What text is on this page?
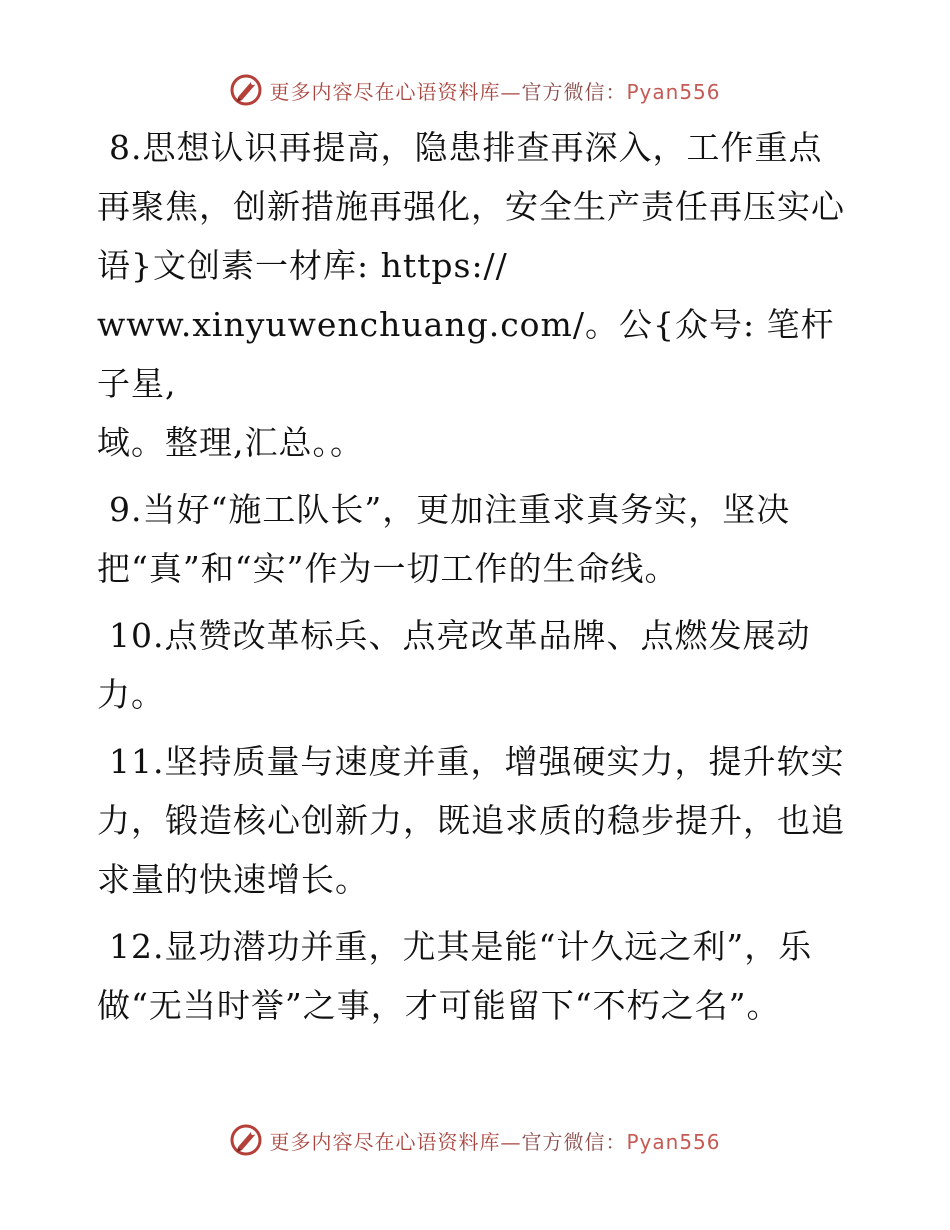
更多内容尽在心语资料库—官方微信：Pyan556
8.思想认识再提高，隐患排查再深入，工作重点
再聚焦，创新措施再强化，安全生产责任再压实心
语}文创素一材库: https://
www.xinyuwenchuang.com/。公{众号: 笔杆子星,
域。整理,汇总。。
9.当好“施工队长”，更加注重求真务实，坚决
把“真”和“实”作为一切工作的生命线。
10.点赞改革标兵、点亮改革品牌、点燃发展动
力。
11.坚持质量与速度并重，增强硬实力，提升软实
力，锻造核心创新力，既追求质的稳步提升，也追
求量的快速增长。
12.显功潜功并重，尤其是能“计久远之利”，乐
做“无当时誉”之事，才可能留下“不朽之名”。
更多内容尽在心语资料库—官方微信：Pyan556
